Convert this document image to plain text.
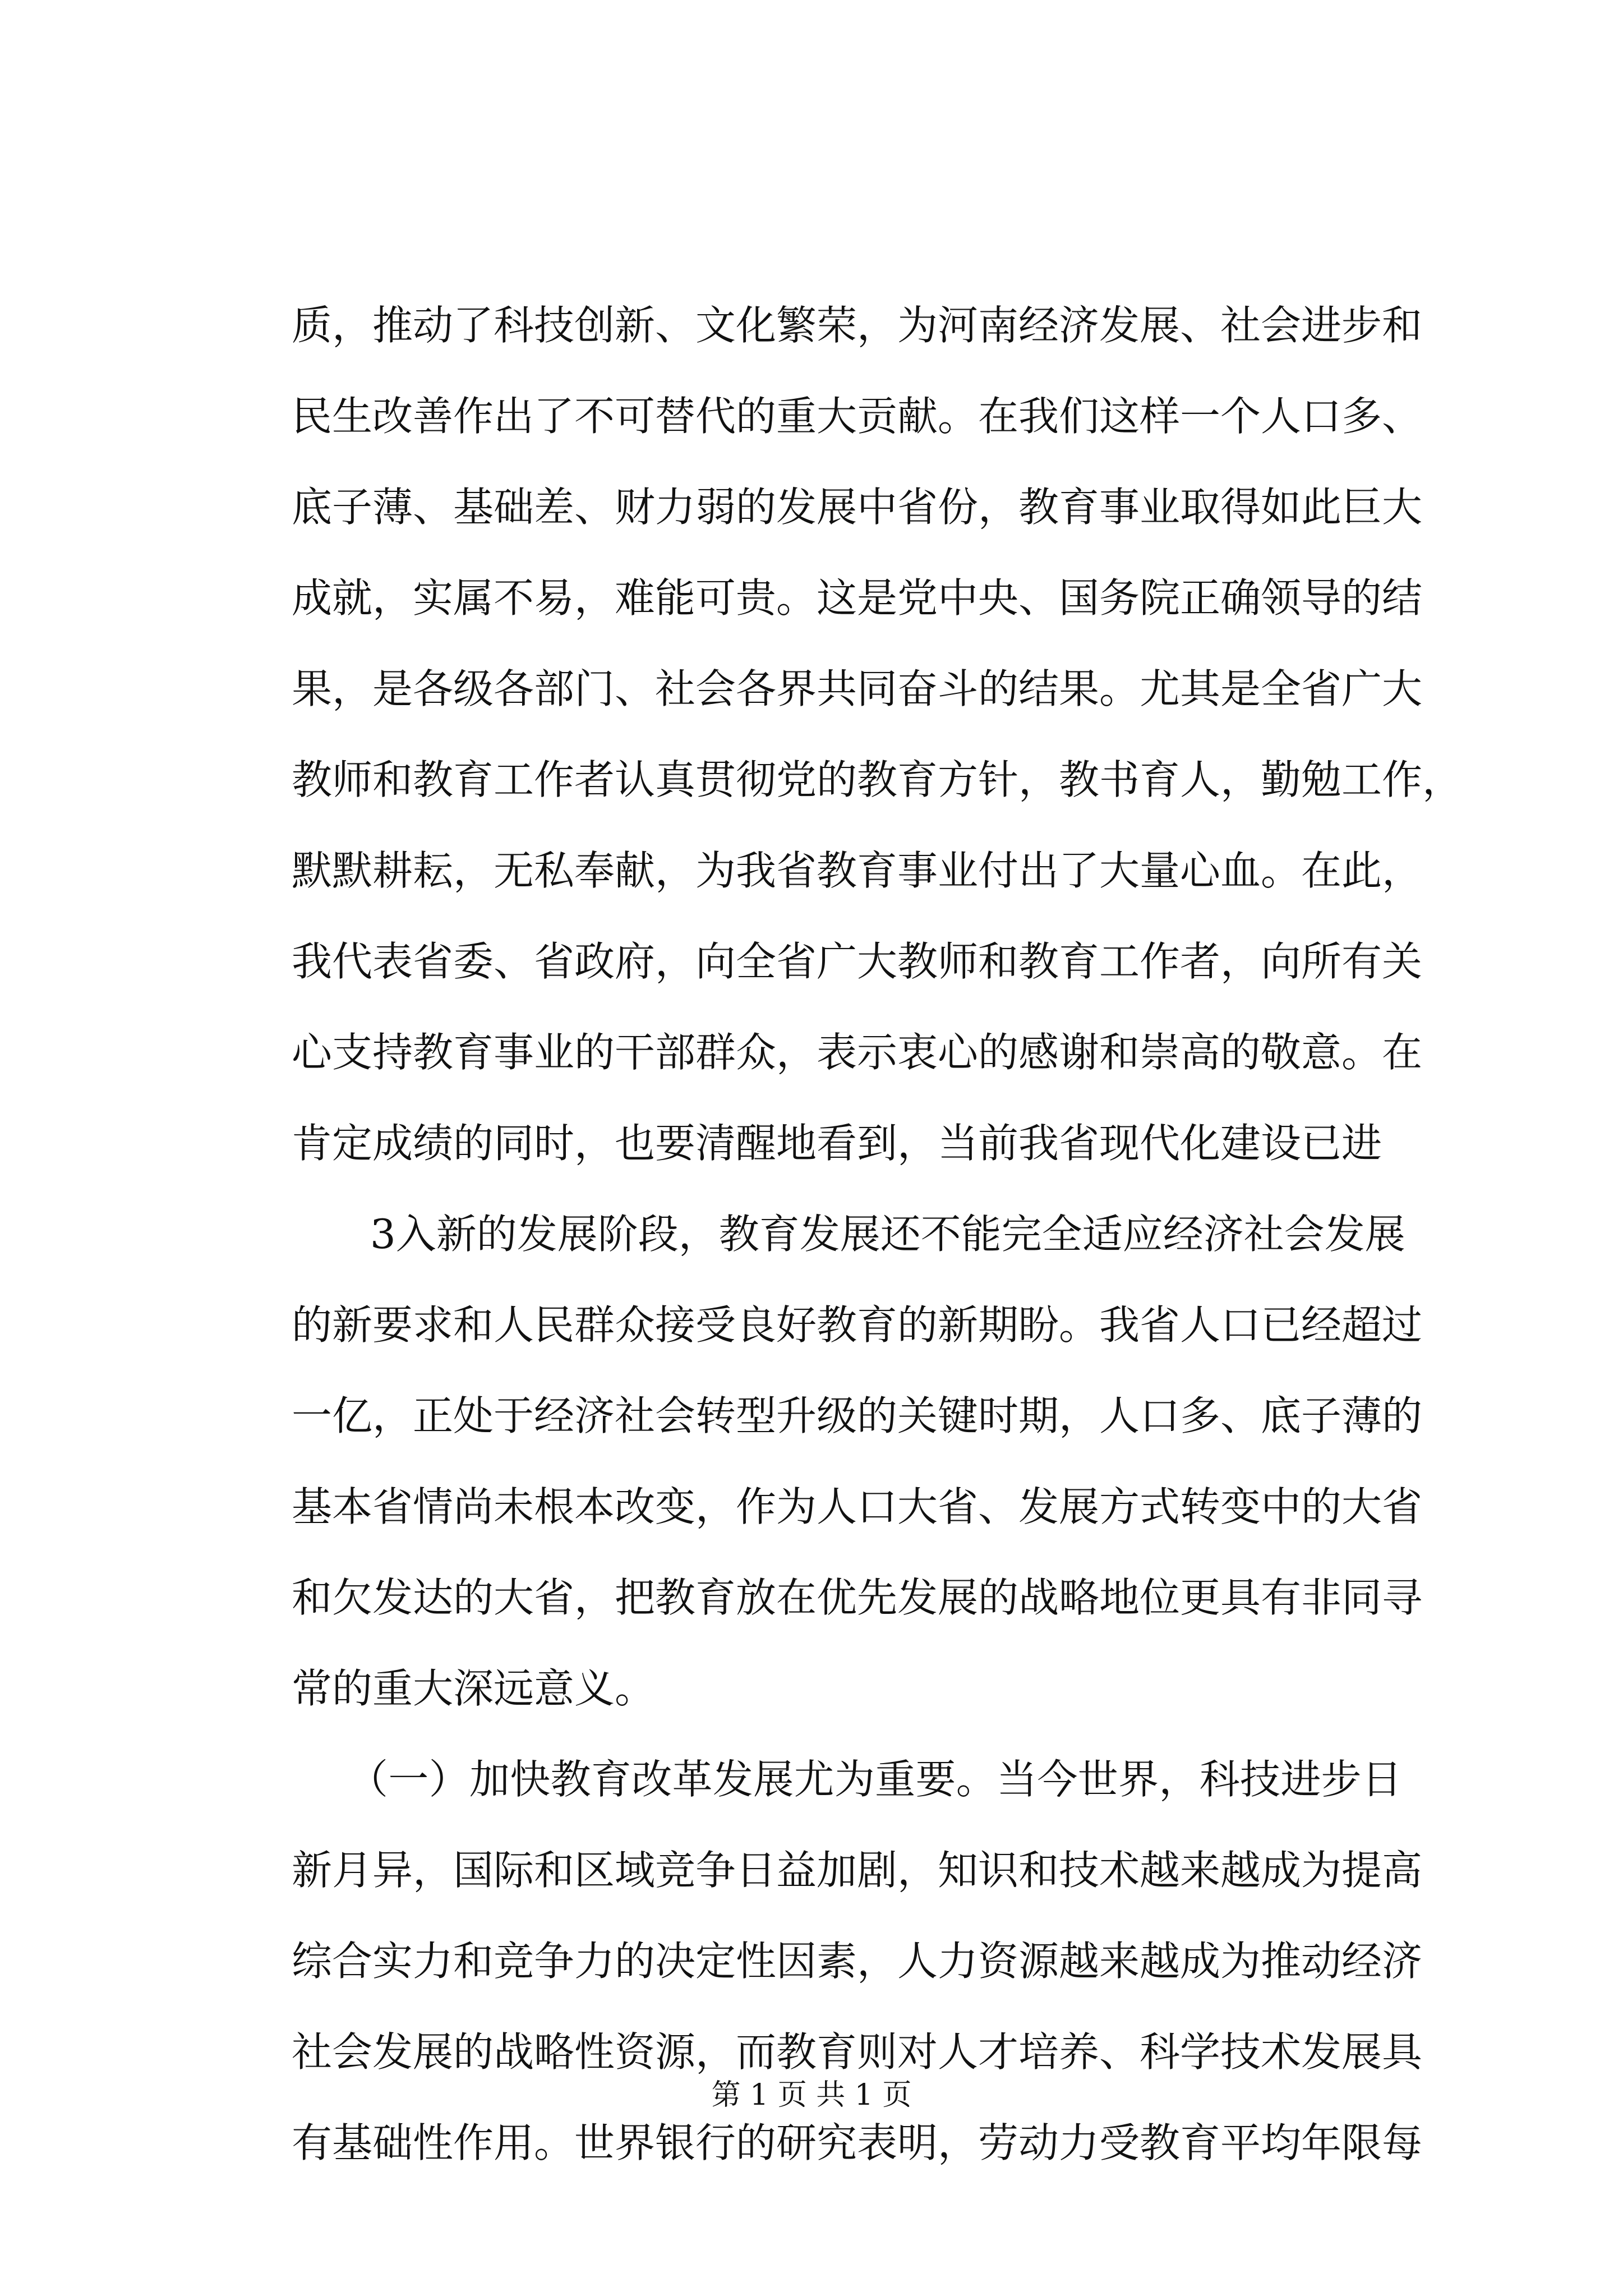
质，推动了科技创新、文化繁荣，为河南经济发展、社会进步和
民生改善作出了不可替代的重大贡献。在我们这样一个人口多、
底子薄、基础差、财力弱的发展中省份，教育事业取得如此巨大
成就，实属不易，难能可贵。这是党中央、国务院正确领导的结
果，是各级各部门、社会各界共同奋斗的结果。尤其是全省广大
教师和教育工作者认真贯彻党的教育方针，教书育人，勤勉工作，
默默耕耘，无私奉献，为我省教育事业付出了大量心血。在此，
我代表省委、省政府，向全省广大教师和教育工作者，向所有关
心支持教育事业的干部群众，表示衷心的感谢和崇高的敬意。在
肯定成绩的同时，也要清醒地看到，当前我省现代化建设已进
3入新的发展阶段，教育发展还不能完全适应经济社会发展
的新要求和人民群众接受良好教育的新期盼。我省人口已经超过
一亿，正处于经济社会转型升级的关键时期，人口多、底子薄的
基本省情尚未根本改变，作为人口大省、发展方式转变中的大省
和欠发达的大省，把教育放在优先发展的战略地位更具有非同寻
常的重大深远意义。
（一）加快教育改革发展尤为重要。当今世界，科技进步日
新月异，国际和区域竞争日益加剧，知识和技术越来越成为提高
综合实力和竞争力的决定性因素，人力资源越来越成为推动经济
社会发展的战略性资源，而教育则对人才培养、科学技术发展具
有基础性作用。世界银行的研究表明，劳动力受教育平均年限每
第 1 页 共 1 页
